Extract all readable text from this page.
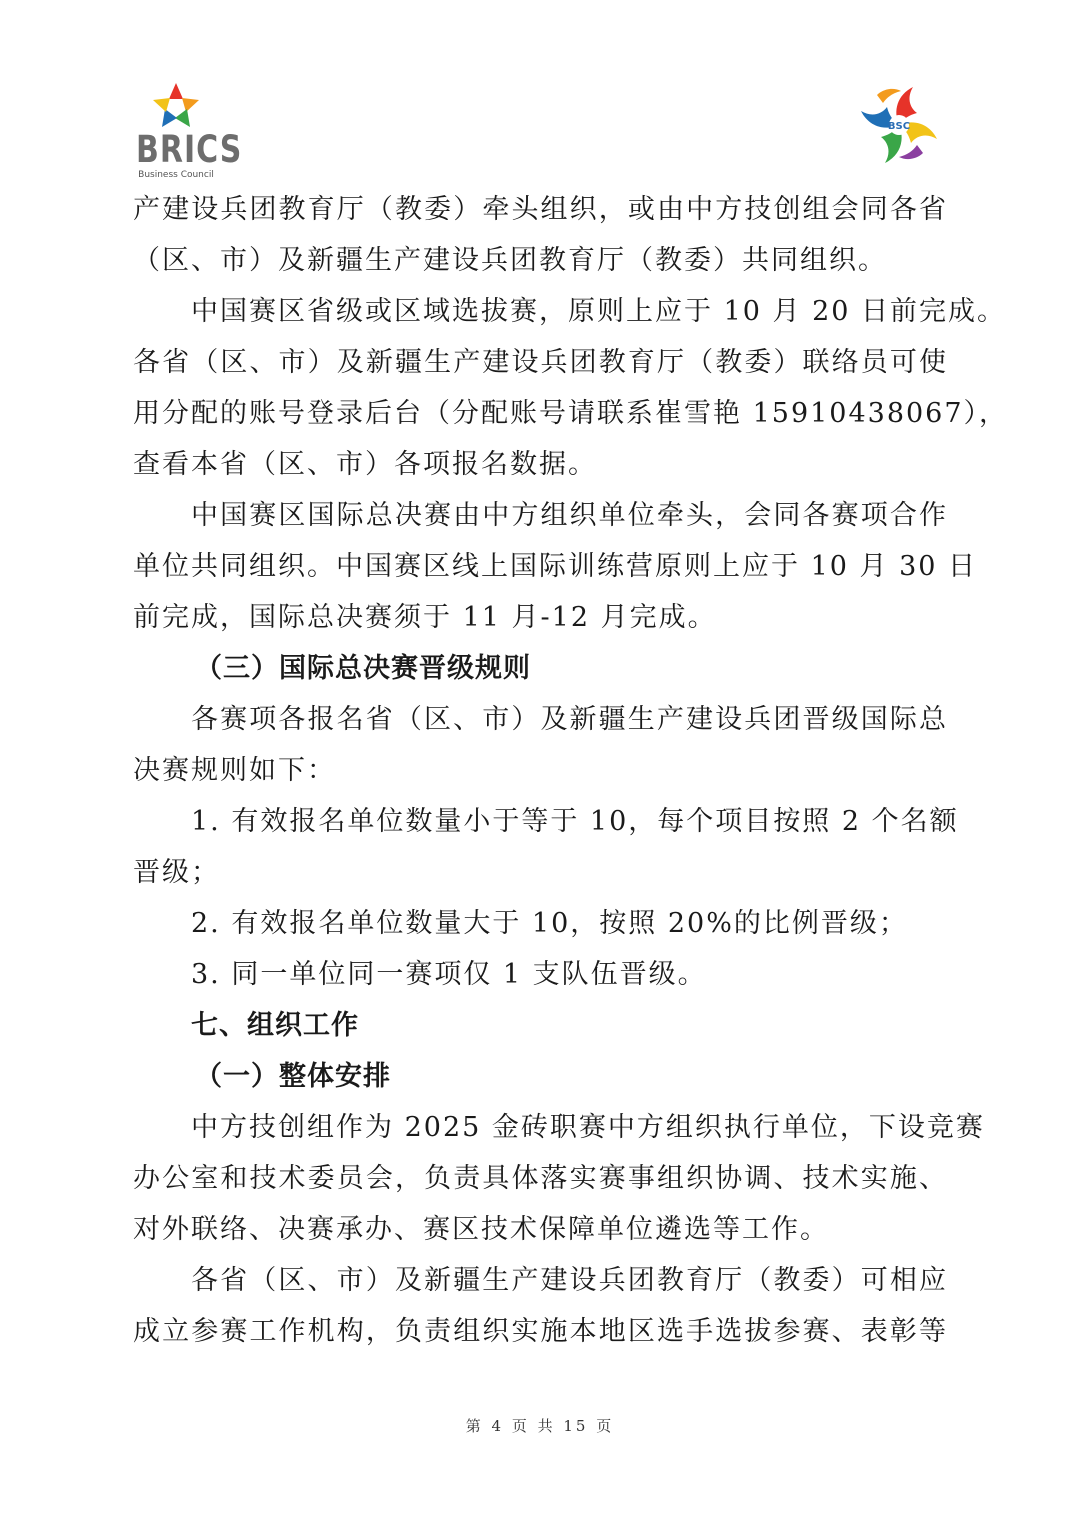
BRICS
Business Council
BSC
产建设兵团教育厅（教委）牵头组织，或由中方技创组会同各省
（区、市）及新疆生产建设兵团教育厅（教委）共同组织。
中国赛区省级或区域选拔赛，原则上应于 10 月 20 日前完成。
各省（区、市）及新疆生产建设兵团教育厅（教委）联络员可使
用分配的账号登录后台（分配账号请联系崔雪艳 15910438067），
查看本省（区、市）各项报名数据。
中国赛区国际总决赛由中方组织单位牵头，会同各赛项合作
单位共同组织。中国赛区线上国际训练营原则上应于 10 月 30 日
前完成，国际总决赛须于 11 月-12 月完成。
（三）国际总决赛晋级规则
各赛项各报名省（区、市）及新疆生产建设兵团晋级国际总
决赛规则如下：
1. 有效报名单位数量小于等于 10，每个项目按照 2 个名额
晋级；
2. 有效报名单位数量大于 10，按照 20%的比例晋级；
3. 同一单位同一赛项仅 1 支队伍晋级。
七、组织工作
（一）整体安排
中方技创组作为 2025 金砖职赛中方组织执行单位，下设竞赛
办公室和技术委员会，负责具体落实赛事组织协调、技术实施、
对外联络、决赛承办、赛区技术保障单位遴选等工作。
各省（区、市）及新疆生产建设兵团教育厅（教委）可相应
成立参赛工作机构，负责组织实施本地区选手选拔参赛、表彰等
第 4 页 共 15 页
